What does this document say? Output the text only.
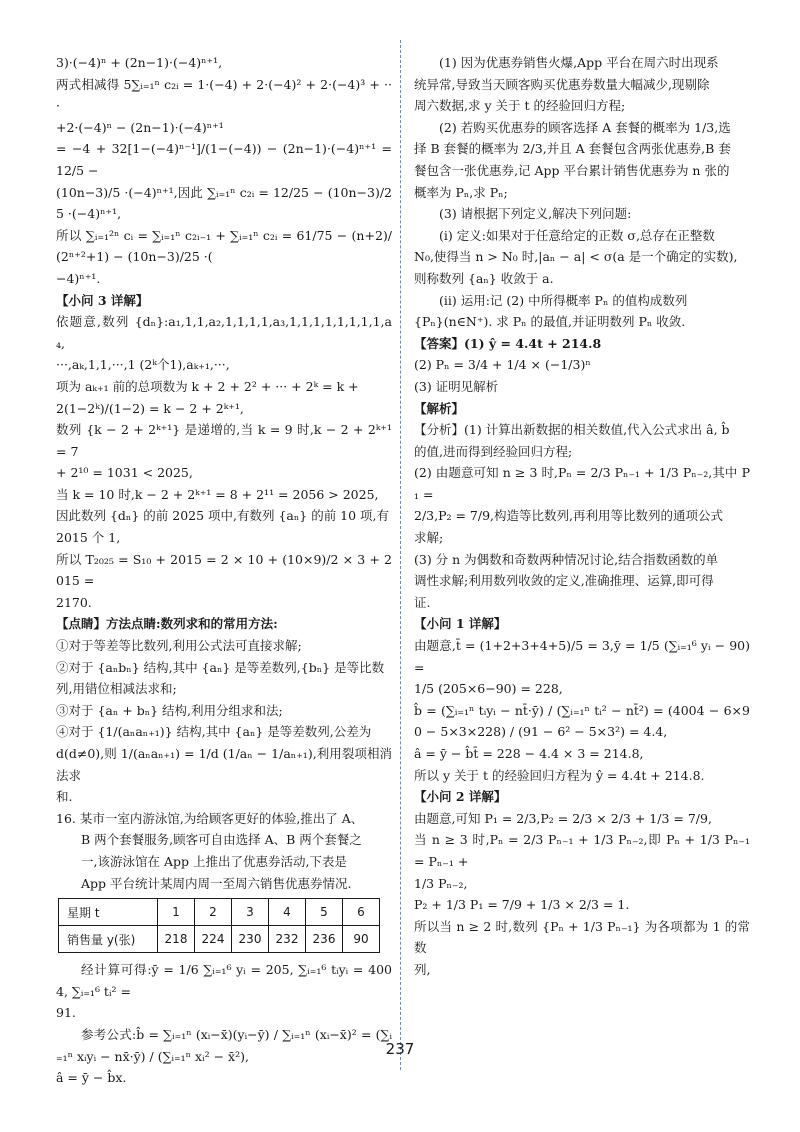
3)·(−4)ⁿ + (2n−1)·(−4)ⁿ⁺¹,

两式相减得 5∑ᵢ₌₁ⁿ c₂ᵢ = 1·(−4) + 2·(−4)² + 2·(−4)³ + ···

+2·(−4)ⁿ − (2n−1)·(−4)ⁿ⁺¹

= −4 + 32[1−(−4)ⁿ⁻¹]/(1−(−4)) − (2n−1)·(−4)ⁿ⁺¹ = 12/5 −

(10n−3)/5 ·(−4)ⁿ⁺¹,因此 ∑ᵢ₌₁ⁿ c₂ᵢ = 12/25 − (10n−3)/25 ·(−4)ⁿ⁺¹,

所以 ∑ᵢ₌₁²ⁿ cᵢ = ∑ᵢ₌₁ⁿ c₂ᵢ₋₁ + ∑ᵢ₌₁ⁿ c₂ᵢ = 61/75 − (n+2)/(2ⁿ⁺²+1) − (10n−3)/25 ·(

−4)ⁿ⁺¹.

【小问 3 详解】

依题意,数列 {dₙ}:a₁,1,1,a₂,1,1,1,1,a₃,1,1,1,1,1,1,1,1,a₄,

···,aₖ,1,1,···,1 (2ᵏ个1),aₖ₊₁,···,

项为 aₖ₊₁ 前的总项数为 k + 2 + 2² + ··· + 2ᵏ = k +

2(1−2ᵏ)/(1−2) = k − 2 + 2ᵏ⁺¹,

数列 {k − 2 + 2ᵏ⁺¹} 是递增的,当 k = 9 时,k − 2 + 2ᵏ⁺¹ = 7

+ 2¹⁰ = 1031 < 2025,

当 k = 10 时,k − 2 + 2ᵏ⁺¹ = 8 + 2¹¹ = 2056 > 2025,

因此数列 {dₙ} 的前 2025 项中,有数列 {aₙ} 的前 10 项,有

2015 个 1,

所以 T₂₀₂₅ = S₁₀ + 2015 = 2 × 10 + (10×9)/2 × 3 + 2015 =

2170.

【点睛】方法点睛:数列求和的常用方法:

①对于等差等比数列,利用公式法可直接求解;

②对于 {aₙbₙ} 结构,其中 {aₙ} 是等差数列,{bₙ} 是等比数

列,用错位相减法求和;

③对于 {aₙ + bₙ} 结构,利用分组求和法;

④对于 {1/(aₙaₙ₊₁)} 结构,其中 {aₙ} 是等差数列,公差为

d(d≠0),则 1/(aₙaₙ₊₁) = 1/d (1/aₙ − 1/aₙ₊₁),利用裂项相消法求

和.

16. 某市一室内游泳馆,为给顾客更好的体验,推出了 A、

B 两个套餐服务,顾客可自由选择 A、B 两个套餐之

一,该游泳馆在 App 上推出了优惠券活动,下表是

App 平台统计某周内周一至周六销售优惠券情况.

星期 t	1	2	3	4	5	6
销售量 y(张)	218	224	230	232	236	90

经计算可得:ȳ = 1/6 ∑ᵢ₌₁⁶ yᵢ = 205, ∑ᵢ₌₁⁶ tᵢyᵢ = 4004, ∑ᵢ₌₁⁶ tᵢ² =

91.

参考公式:b̂ = ∑ᵢ₌₁ⁿ (xᵢ−x̄)(yᵢ−ȳ) / ∑ᵢ₌₁ⁿ (xᵢ−x̄)² = (∑ᵢ₌₁ⁿ xᵢyᵢ − nx̄·ȳ) / (∑ᵢ₌₁ⁿ xᵢ² − x̄²),

â = ȳ − b̂x.

(1) 因为优惠券销售火爆,App 平台在周六时出现系

统异常,导致当天顾客购买优惠券数量大幅减少,现剔除

周六数据,求 y 关于 t 的经验回归方程;

(2) 若购买优惠券的顾客选择 A 套餐的概率为 1/3,选

择 B 套餐的概率为 2/3,并且 A 套餐包含两张优惠券,B 套

餐包含一张优惠券,记 App 平台累计销售优惠券为 n 张的

概率为 Pₙ,求 Pₙ;

(3) 请根据下列定义,解决下列问题:

(i) 定义:如果对于任意给定的正数 σ,总存在正整数

N₀,使得当 n > N₀ 时,|aₙ − a| < σ(a 是一个确定的实数),

则称数列 {aₙ} 收敛于 a.

(ii) 运用:记 (2) 中所得概率 Pₙ 的值构成数列

{Pₙ}(n∈N⁺). 求 Pₙ 的最值,并证明数列 Pₙ 收敛.

【答案】(1) ŷ = 4.4t + 214.8

(2) Pₙ = 3/4 + 1/4 × (−1/3)ⁿ

(3) 证明见解析

【解析】

【分析】(1) 计算出新数据的相关数值,代入公式求出 â, b̂

的值,进而得到经验回归方程;

(2) 由题意可知 n ≥ 3 时,Pₙ = 2/3 Pₙ₋₁ + 1/3 Pₙ₋₂,其中 P₁ =

2/3,P₂ = 7/9,构造等比数列,再利用等比数列的通项公式

求解;

(3) 分 n 为偶数和奇数两种情况讨论,结合指数函数的单

调性求解;利用数列收敛的定义,准确推理、运算,即可得

证.

【小问 1 详解】

由题意,t̄ = (1+2+3+4+5)/5 = 3,ȳ = 1/5 (∑ᵢ₌₁⁶ yᵢ − 90) =

1/5 (205×6−90) = 228,

b̂ = (∑ᵢ₌₁ⁿ tᵢyᵢ − nt̄·ȳ) / (∑ᵢ₌₁ⁿ tᵢ² − nt̄²) = (4004 − 6×90 − 5×3×228) / (91 − 6² − 5×3²) = 4.4,

â = ȳ − b̂t̄ = 228 − 4.4 × 3 = 214.8,

所以 y 关于 t 的经验回归方程为 ŷ = 4.4t + 214.8.

【小问 2 详解】

由题意,可知 P₁ = 2/3,P₂ = 2/3 × 2/3 + 1/3 = 7/9,

当 n ≥ 3 时,Pₙ = 2/3 Pₙ₋₁ + 1/3 Pₙ₋₂,即 Pₙ + 1/3 Pₙ₋₁ = Pₙ₋₁ +

1/3 Pₙ₋₂,

P₂ + 1/3 P₁ = 7/9 + 1/3 × 2/3 = 1.

所以当 n ≥ 2 时,数列 {Pₙ + 1/3 Pₙ₋₁} 为各项都为 1 的常数

列,

237
